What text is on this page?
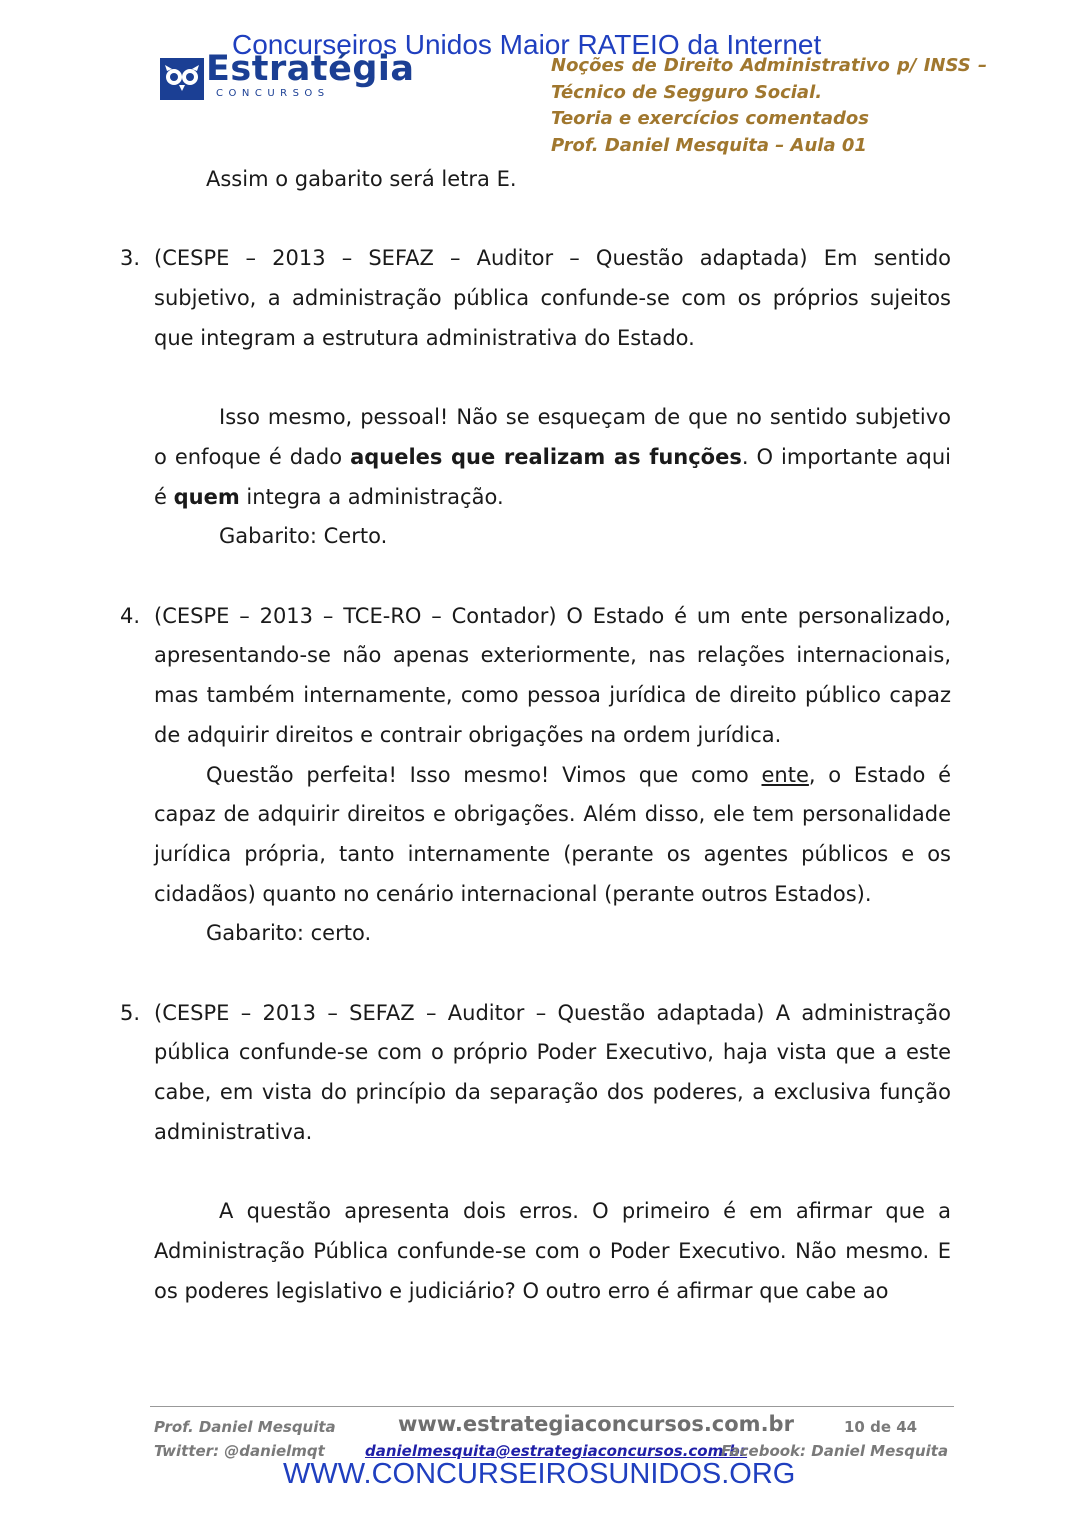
Concurseiros Unidos Maior RATEIO da Internet
Estratégia
CONCURSOS
Noções de Direito Administrativo p/ INSS –
Técnico de Segguro Social.
Teoria e exercícios comentados
Prof. Daniel Mesquita – Aula 01

Assim o gabarito será letra E.

3. (CESPE – 2013 – SEFAZ – Auditor – Questão adaptada) Em sentido subjetivo, a administração pública confunde-se com os próprios sujeitos que integram a estrutura administrativa do Estado.

Isso mesmo, pessoal! Não se esqueçam de que no sentido subjetivo o enfoque é dado aqueles que realizam as funções. O importante aqui é quem integra a administração.

Gabarito: Certo.

4. (CESPE – 2013 – TCE-RO – Contador) O Estado é um ente personalizado, apresentando-se não apenas exteriormente, nas relações internacionais, mas também internamente, como pessoa jurídica de direito público capaz de adquirir direitos e contrair obrigações na ordem jurídica.

Questão perfeita! Isso mesmo! Vimos que como ente, o Estado é capaz de adquirir direitos e obrigações. Além disso, ele tem personalidade jurídica própria, tanto internamente (perante os agentes públicos e os cidadãos) quanto no cenário internacional (perante outros Estados).

Gabarito: certo.

5. (CESPE – 2013 – SEFAZ – Auditor – Questão adaptada) A administração pública confunde-se com o próprio Poder Executivo, haja vista que a este cabe, em vista do princípio da separação dos poderes, a exclusiva função administrativa.

A questão apresenta dois erros. O primeiro é em afirmar que a Administração Pública confunde-se com o Poder Executivo. Não mesmo. E os poderes legislativo e judiciário? O outro erro é afirmar que cabe ao

Prof. Daniel Mesquita	www.estrategiaconcursos.com.br	10 de 44
Twitter: @danielmqt	danielmesquita@estrategiaconcursos.com.br
Facebook: Daniel Mesquita
WWW.CONCURSEIROSUNIDOS.ORG
